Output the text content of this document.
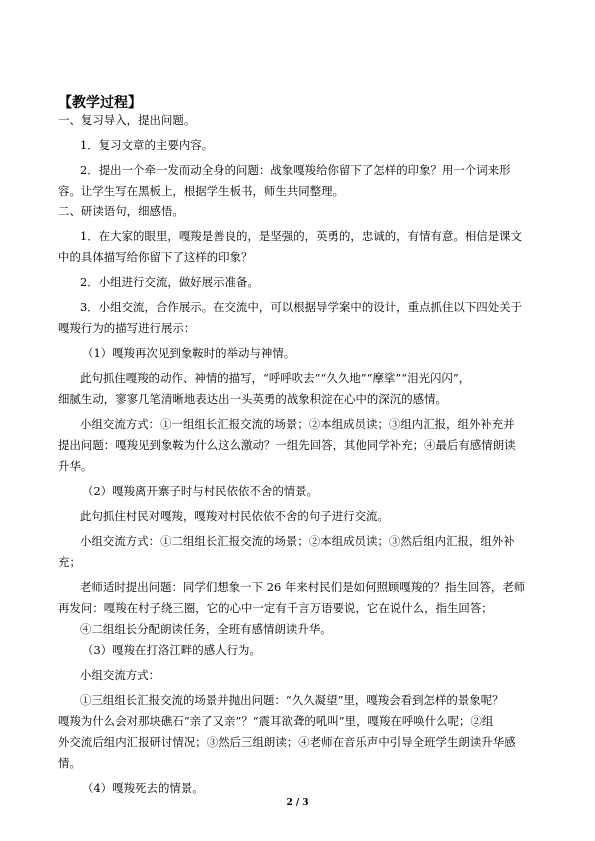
【教学过程】
一、复习导入，提出问题。
1．复习文章的主要内容。
2．提出一个牵一发而动全身的问题：战象嘎羧给你留下了怎样的印象？用一个词来形
容。让学生写在黑板上，根据学生板书，师生共同整理。
二、研读语句，细感悟。
1．在大家的眼里，嘎羧是善良的，是坚强的，英勇的，忠诚的，有情有意。相信是课文
中的具体描写给你留下了这样的印象？
2．小组进行交流，做好展示准备。
3．小组交流，合作展示。在交流中，可以根据导学案中的设计，重点抓住以下四处关于
嘎羧行为的描写进行展示：
（1）嘎羧再次见到象鞍时的举动与神情。
此句抓住嘎羧的动作、神情的描写，“呼呼吹去”“久久地”“摩挲”“泪光闪闪”，
细腻生动，寥寥几笔清晰地表达出一头英勇的战象积淀在心中的深沉的感情。
小组交流方式：①一组组长汇报交流的场景；②本组成员读；③组内汇报，组外补充并
提出问题：嘎羧见到象鞍为什么这么激动？一组先回答，其他同学补充；④最后有感情朗读
升华。
（2）嘎羧离开寨子时与村民依依不舍的情景。
此句抓住村民对嘎羧，嘎羧对村民依依不舍的句子进行交流。
小组交流方式：①二组组长汇报交流的场景；②本组成员读；③然后组内汇报，组外补
充；
老师适时提出问题：同学们想象一下 26 年来村民们是如何照顾嘎羧的？指生回答，老师
再发问：嘎羧在村子绕三圈，它的心中一定有千言万语要说，它在说什么，指生回答；
④二组组长分配朗读任务，全班有感情朗读升华。
（3）嘎羧在打洛江畔的感人行为。
小组交流方式：
①三组组长汇报交流的场景并抛出问题：“久久凝望”里，嘎羧会看到怎样的景象呢？
嘎羧为什么会对那块礁石“亲了又亲”？“震耳欲聋的吼叫”里，嘎羧在呼唤什么呢；②组
外交流后组内汇报研讨情况；③然后三组朗读；④老师在音乐声中引导全班学生朗读升华感
情。
（4）嘎羧死去的情景。
2 / 3
